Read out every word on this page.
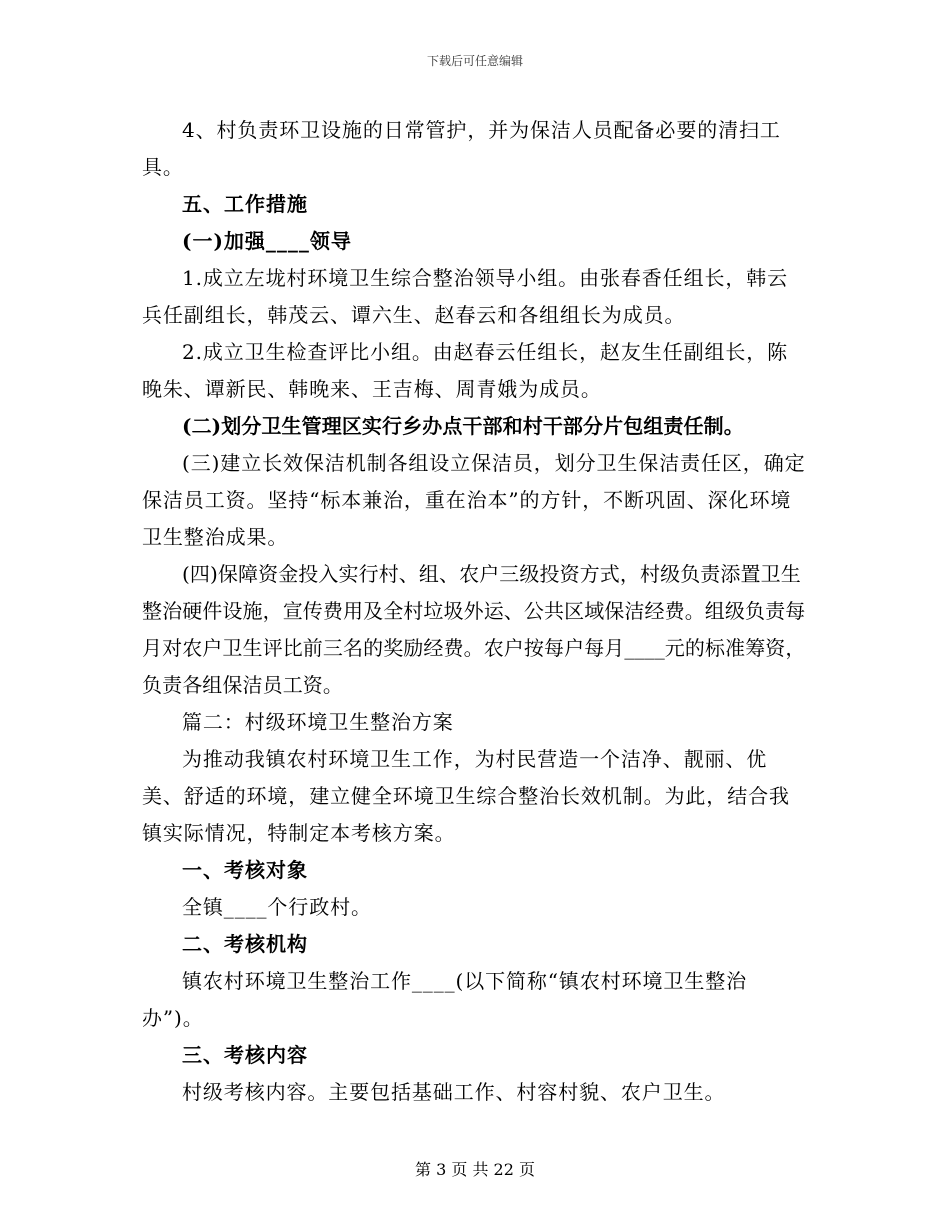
下载后可任意编辑

4、村负责环卫设施的日常管护，并为保洁人员配备必要的清扫工具。

五、工作措施

(一)加强____领导

1.成立左垅村环境卫生综合整治领导小组。由张春香任组长，韩云兵任副组长，韩茂云、谭六生、赵春云和各组组长为成员。

2.成立卫生检查评比小组。由赵春云任组长，赵友生任副组长，陈晚朱、谭新民、韩晚来、王吉梅、周青娥为成员。

(二)划分卫生管理区实行乡办点干部和村干部分片包组责任制。

(三)建立长效保洁机制各组设立保洁员，划分卫生保洁责任区，确定保洁员工资。坚持“标本兼治，重在治本”的方针，不断巩固、深化环境卫生整治成果。

(四)保障资金投入实行村、组、农户三级投资方式，村级负责添置卫生整治硬件设施，宣传费用及全村垃圾外运、公共区域保洁经费。组级负责每月对农户卫生评比前三名的奖励经费。农户按每户每月____元的标准筹资，负责各组保洁员工资。

篇二：村级环境卫生整治方案

为推动我镇农村环境卫生工作，为村民营造一个洁净、靓丽、优美、舒适的环境，建立健全环境卫生综合整治长效机制。为此，结合我镇实际情况，特制定本考核方案。

一、考核对象

全镇____个行政村。

二、考核机构

镇农村环境卫生整治工作____(以下简称“镇农村环境卫生整治办”)。

三、考核内容

村级考核内容。主要包括基础工作、村容村貌、农户卫生。

第 3 页 共 22 页
